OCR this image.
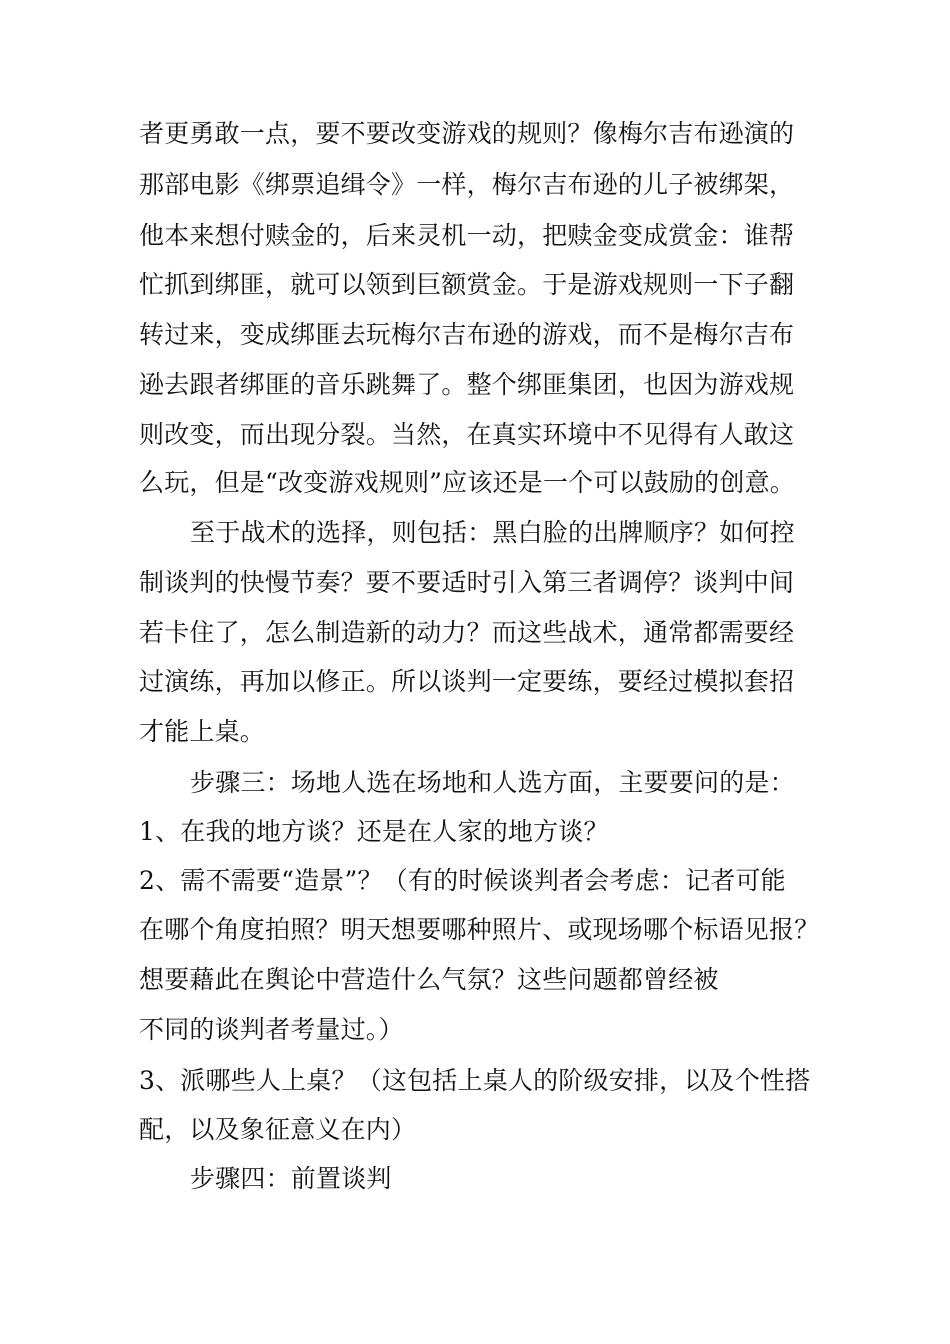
者更勇敢一点，要不要改变游戏的规则？像梅尔吉布逊演的
那部电影《绑票追缉令》一样，梅尔吉布逊的儿子被绑架，
他本来想付赎金的，后来灵机一动，把赎金变成赏金：谁帮
忙抓到绑匪，就可以领到巨额赏金。于是游戏规则一下子翻
转过来，变成绑匪去玩梅尔吉布逊的游戏，而不是梅尔吉布
逊去跟者绑匪的音乐跳舞了。整个绑匪集团，也因为游戏规
则改变，而出现分裂。当然，在真实环境中不见得有人敢这
么玩，但是“改变游戏规则”应该还是一个可以鼓励的创意。
至于战术的选择，则包括：黑白脸的出牌顺序？如何控
制谈判的快慢节奏？要不要适时引入第三者调停？谈判中间
若卡住了，怎么制造新的动力？而这些战术，通常都需要经
过演练，再加以修正。所以谈判一定要练，要经过模拟套招
才能上桌。
步骤三：场地人选在场地和人选方面，主要要问的是：
1、在我的地方谈？还是在人家的地方谈？
2、需不需要“造景”？（有的时候谈判者会考虑：记者可能
在哪个角度拍照？明天想要哪种照片、或现场哪个标语见报？
想要藉此在舆论中营造什么气氛？这些问题都曾经被
不同的谈判者考量过。）
3、派哪些人上桌？（这包括上桌人的阶级安排，以及个性搭
配，以及象征意义在内）
步骤四：前置谈判
